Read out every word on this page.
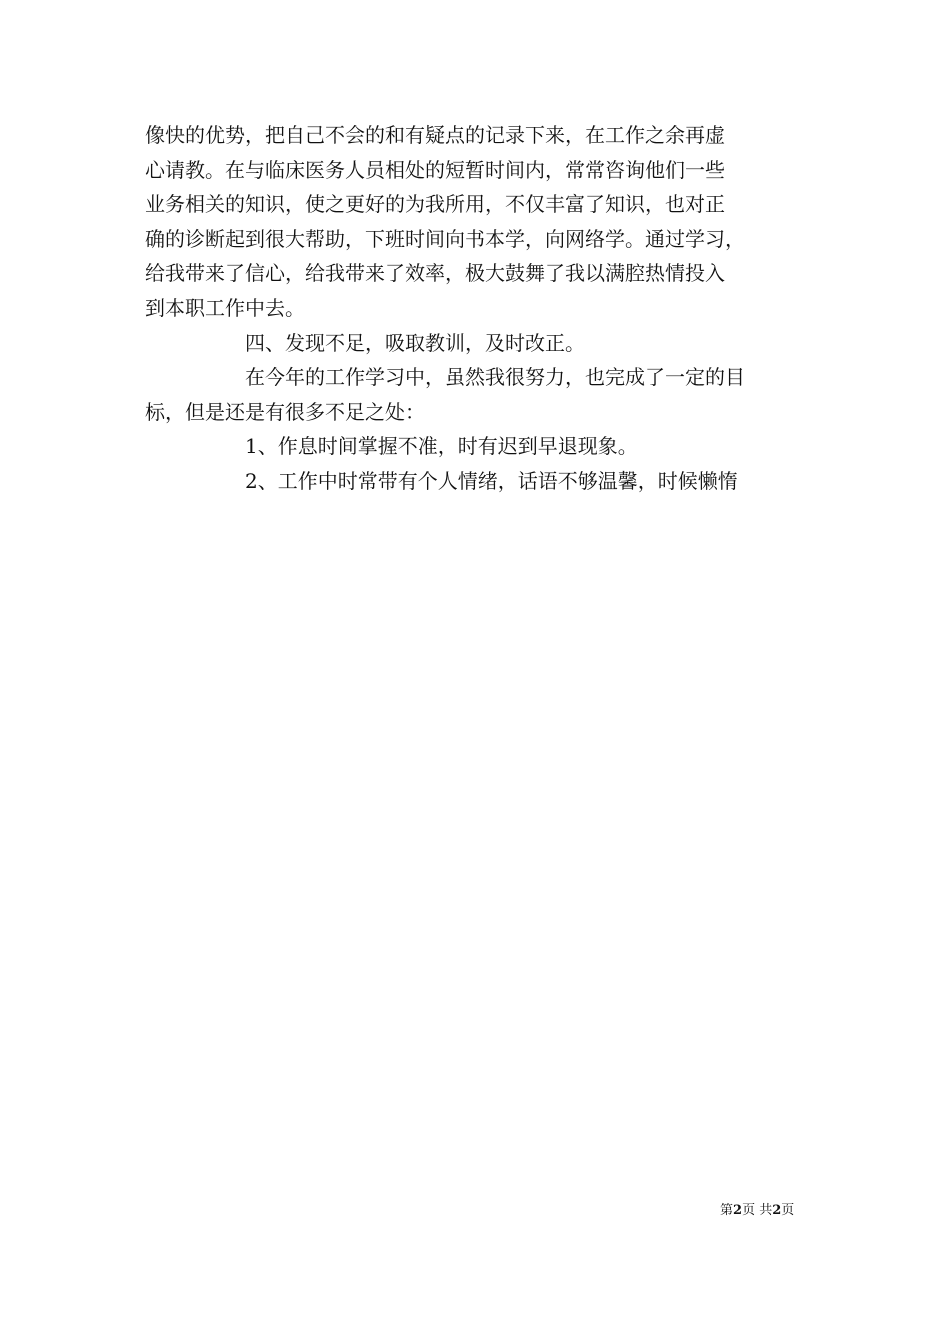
像快的优势，把自己不会的和有疑点的记录下来，在工作之余再虚
心请教。在与临床医务人员相处的短暂时间内，常常咨询他们一些
业务相关的知识，使之更好的为我所用，不仅丰富了知识，也对正
确的诊断起到很大帮助，下班时间向书本学，向网络学。通过学习，
给我带来了信心，给我带来了效率，极大鼓舞了我以满腔热情投入
到本职工作中去。
四、发现不足，吸取教训，及时改正。
在今年的工作学习中，虽然我很努力，也完成了一定的目
标，但是还是有很多不足之处：
1、作息时间掌握不准，时有迟到早退现象。
2、工作中时常带有个人情绪，话语不够温馨，时候懒惰
第2页 共2页
